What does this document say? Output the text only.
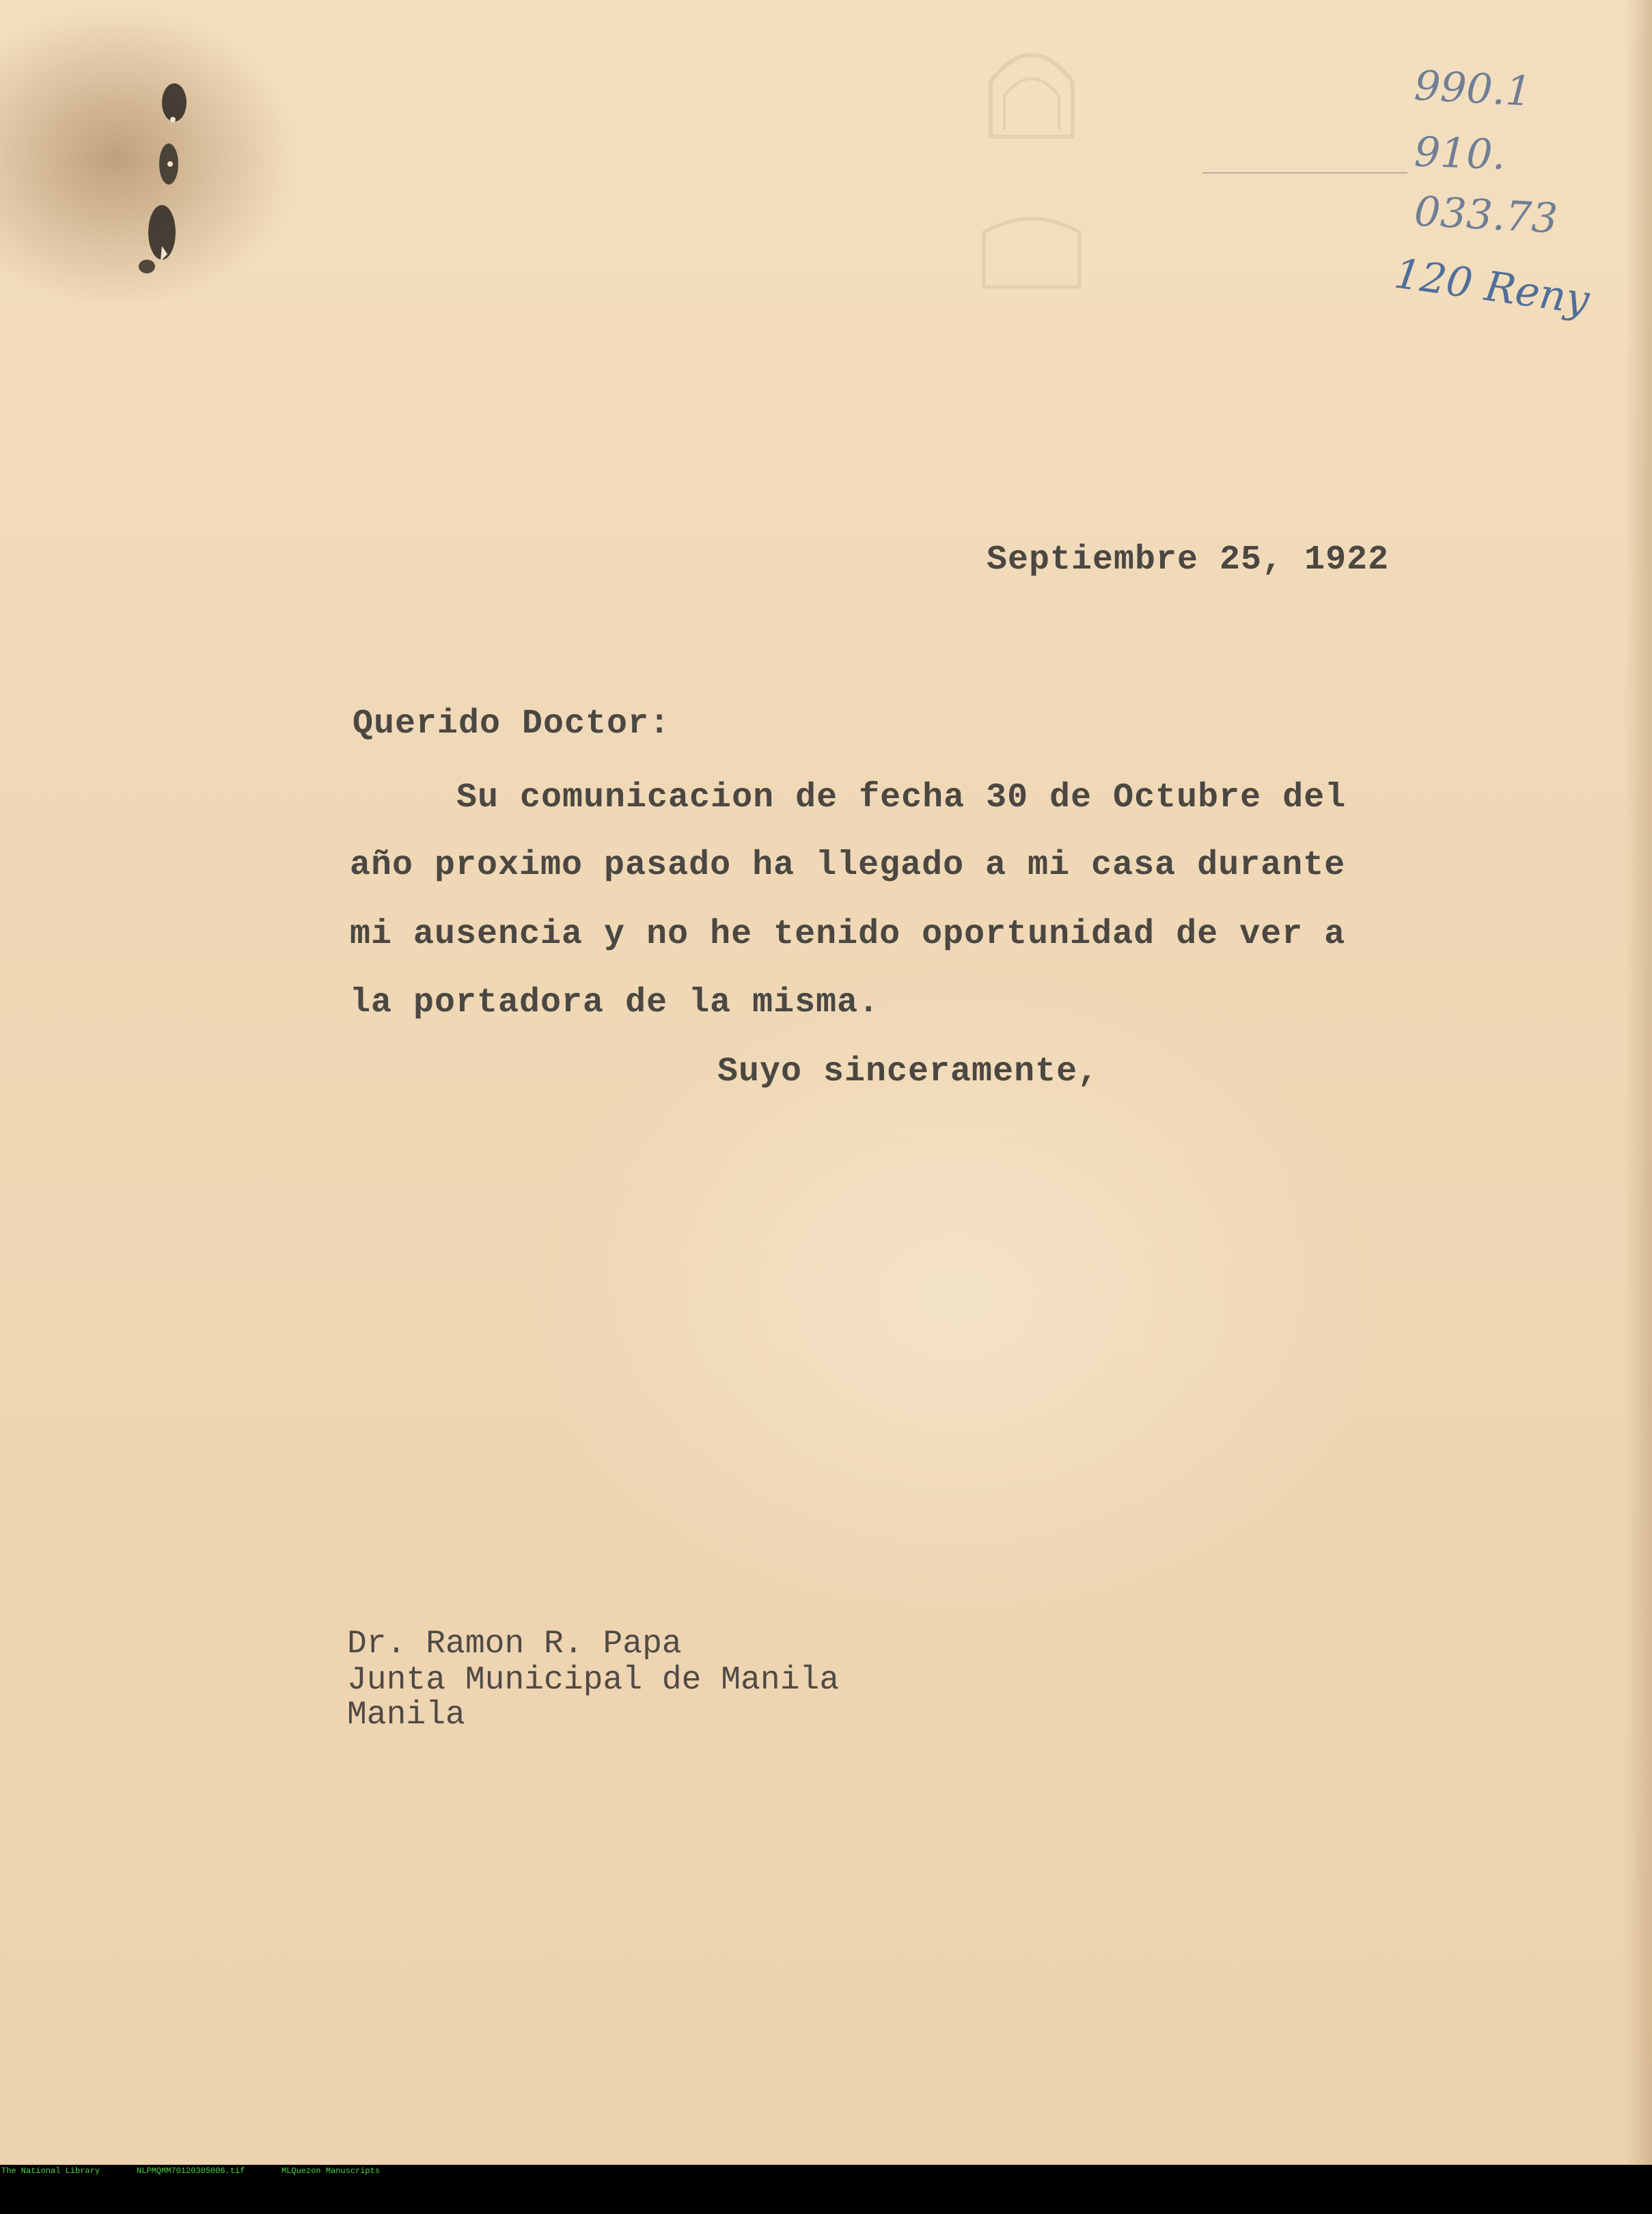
990.1
910.
033.73
120 Reny
Septiembre 25, 1922
Querido Doctor:
Su comunicacion de fecha 30 de Octubre del
año proximo pasado ha llegado a mi casa durante
mi ausencia y no he tenido oportunidad de ver a
la portadora de la misma.
Suyo sinceramente,
Dr. Ramon R. Papa
Junta Municipal de Manila
Manila

The National Library

	NLPMQMM70120305006.tif

	MLQuezon Manuscripts
